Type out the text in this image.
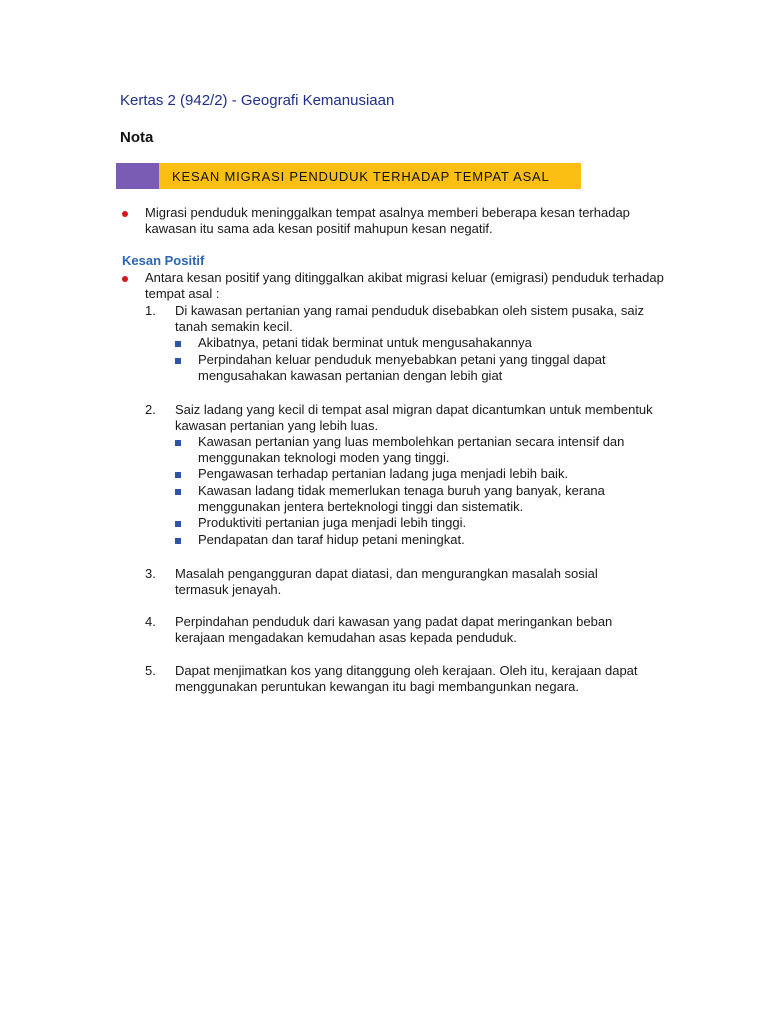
Kertas 2 (942/2) - Geografi Kemanusiaan
Nota
KESAN MIGRASI PENDUDUK TERHADAP TEMPAT ASAL
Migrasi penduduk meninggalkan tempat asalnya memberi beberapa kesan terhadap kawasan itu sama ada kesan positif mahupun kesan negatif.
Kesan Positif
Antara kesan positif yang ditinggalkan akibat migrasi keluar (emigrasi) penduduk terhadap tempat asal :
1. Di kawasan pertanian yang ramai penduduk disebabkan oleh sistem pusaka, saiz tanah semakin kecil.
Akibatnya, petani tidak berminat untuk mengusahakannya
Perpindahan keluar penduduk menyebabkan petani yang tinggal dapat mengusahakan kawasan pertanian dengan lebih giat
2. Saiz ladang yang kecil di tempat asal migran dapat dicantumkan untuk membentuk kawasan pertanian yang lebih luas.
Kawasan pertanian yang luas membolehkan pertanian secara intensif dan menggunakan teknologi moden yang tinggi.
Pengawasan terhadap pertanian ladang juga menjadi lebih baik.
Kawasan ladang tidak memerlukan tenaga buruh yang banyak, kerana menggunakan jentera berteknologi tinggi dan sistematik.
Produktiviti pertanian juga menjadi lebih tinggi.
Pendapatan dan taraf hidup petani meningkat.
3. Masalah pengangguran dapat diatasi, dan mengurangkan masalah sosial termasuk jenayah.
4. Perpindahan penduduk dari kawasan yang padat dapat meringankan beban kerajaan mengadakan kemudahan asas kepada penduduk.
5. Dapat menjimatkan kos yang ditanggung oleh kerajaan. Oleh itu, kerajaan dapat menggunakan peruntukan kewangan itu bagi membangunkan negara.
